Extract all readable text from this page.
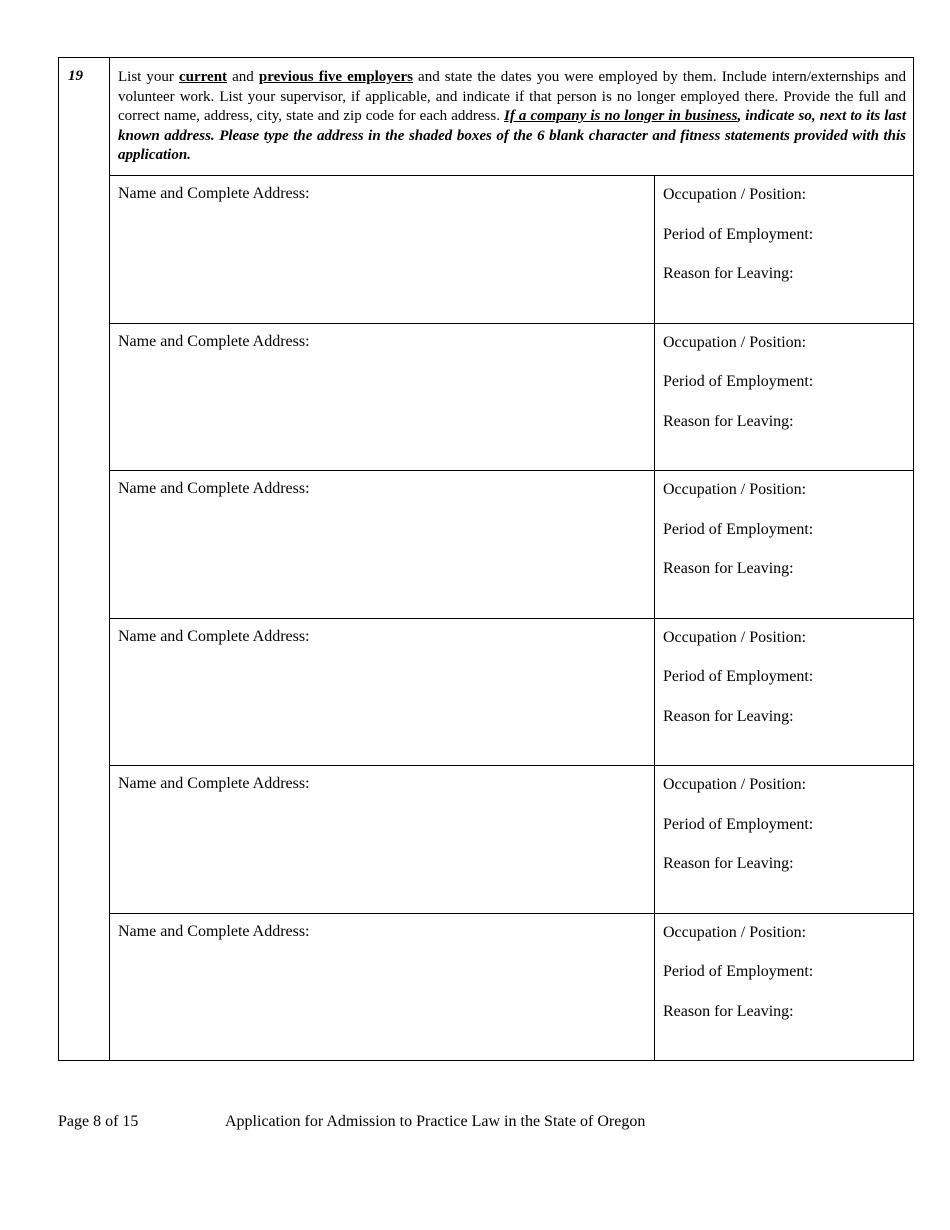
19	List your current and previous five employers and state the dates you were employed by them. Include intern/externships and volunteer work. List your supervisor, if applicable, and indicate if that person is no longer employed there. Provide the full and correct name, address, city, state and zip code for each address. If a company is no longer in business, indicate so, next to its last known address. Please type the address in the shaded boxes of the 6 blank character and fitness statements provided with this application.
Name and Complete Address:	Occupation / Position:
Period of Employment:
Reason for Leaving:
Name and Complete Address:	Occupation / Position:
Period of Employment:
Reason for Leaving:
Name and Complete Address:	Occupation / Position:
Period of Employment:
Reason for Leaving:
Name and Complete Address:	Occupation / Position:
Period of Employment:
Reason for Leaving:
Name and Complete Address:	Occupation / Position:
Period of Employment:
Reason for Leaving:
Name and Complete Address:	Occupation / Position:
Period of Employment:
Reason for Leaving:
Page 8 of 15	Application for Admission to Practice Law in the State of Oregon
